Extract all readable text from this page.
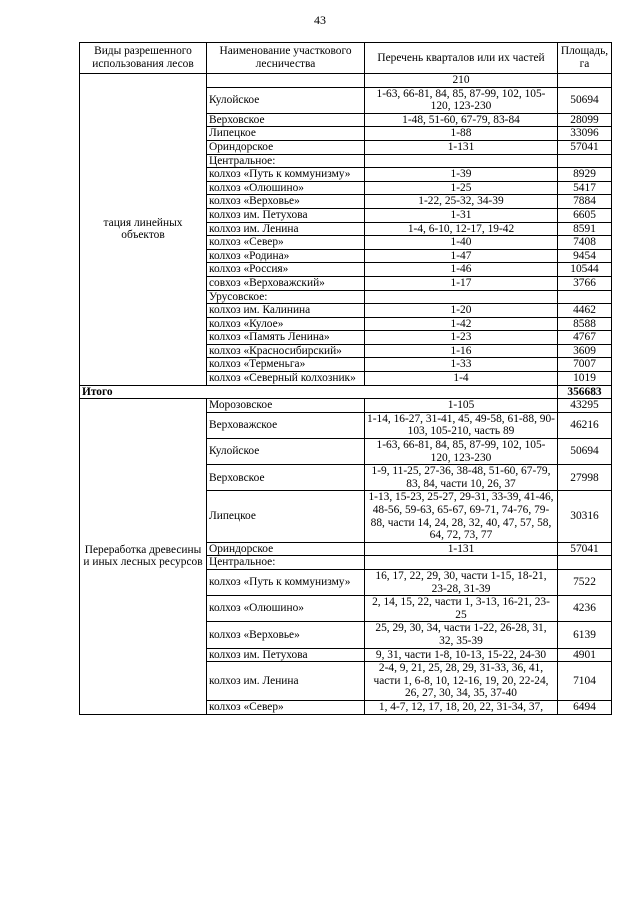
43
Виды разрешенного использования лесов	Наименование участкового лесничества	Перечень кварталов или их частей	Площадь, га
тация линейных объектов		210	
	Кулойское	1-63, 66-81, 84, 85, 87-99, 102, 105-120, 123-230	50694
	Верховское	1-48, 51-60, 67-79, 83-84	28099
	Липецкое	1-88	33096
	Ориндорское	1-131	57041
	Центральное:		
	колхоз «Путь к коммунизму»	1-39	8929
	колхоз «Олюшино»	1-25	5417
	колхоз «Верховье»	1-22, 25-32, 34-39	7884
	колхоз им. Петухова	1-31	6605
	колхоз им. Ленина	1-4, 6-10, 12-17, 19-42	8591
	колхоз «Север»	1-40	7408
	колхоз «Родина»	1-47	9454
	колхоз «Россия»	1-46	10544
	совхоз «Верховажский»	1-17	3766
	Урусовское:		
	колхоз им. Калинина	1-20	4462
	колхоз «Кулое»	1-42	8588
	колхоз «Память Ленина»	1-23	4767
	колхоз «Красносибирский»	1-16	3609
	колхоз «Терменьга»	1-33	7007
	колхоз «Северный колхозник»	1-4	1019
Итого			356683
Переработка древесины и иных лесных ресурсов	Морозовское	1-105	43295
	Верховажское	1-14, 16-27, 31-41, 45, 49-58, 61-88, 90-103, 105-210, часть 89	46216
	Кулойское	1-63, 66-81, 84, 85, 87-99, 102, 105-120, 123-230	50694
	Верховское	1-9, 11-25, 27-36, 38-48, 51-60, 67-79, 83, 84, части 10, 26, 37	27998
	Липецкое	1-13, 15-23, 25-27, 29-31, 33-39, 41-46, 48-56, 59-63, 65-67, 69-71, 74-76, 79-88, части 14, 24, 28, 32, 40, 47, 57, 58, 64, 72, 73, 77	30316
	Ориндорское	1-131	57041
	Центральное:		
	колхоз «Путь к коммунизму»	16, 17, 22, 29, 30, части 1-15, 18-21, 23-28, 31-39	7522
	колхоз «Олюшино»	2, 14, 15, 22, части 1, 3-13, 16-21, 23-25	4236
	колхоз «Верховье»	25, 29, 30, 34, части 1-22, 26-28, 31, 32, 35-39	6139
	колхоз им. Петухова	9, 31, части 1-8, 10-13, 15-22, 24-30	4901
	колхоз им. Ленина	2-4, 9, 21, 25, 28, 29, 31-33, 36, 41, части 1, 6-8, 10, 12-16, 19, 20, 22-24, 26, 27, 30, 34, 35, 37-40	7104
	колхоз «Север»	1, 4-7, 12, 17, 18, 20, 22, 31-34, 37,	6494
